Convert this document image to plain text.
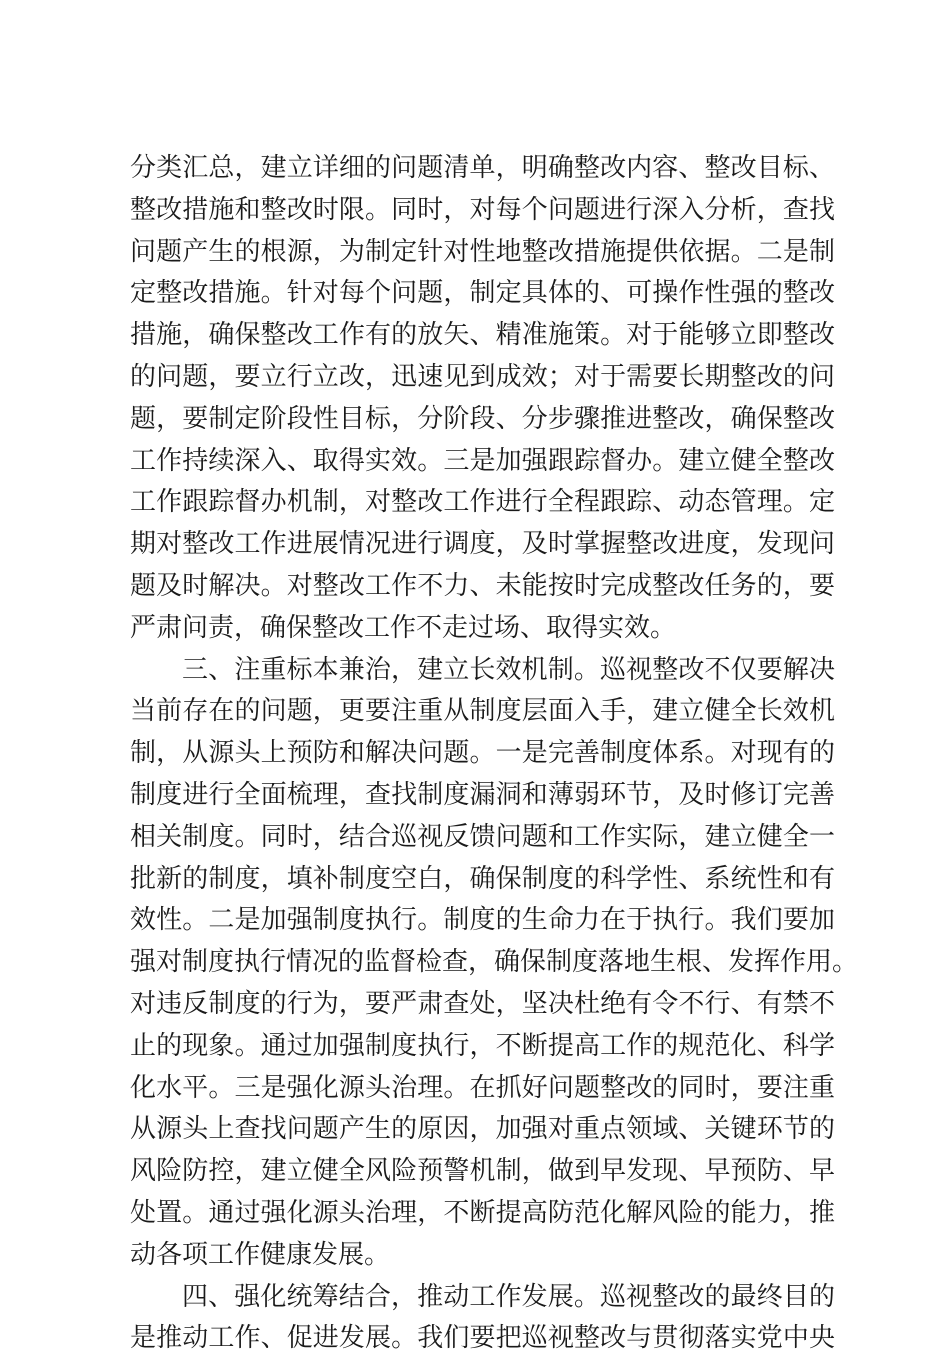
分类汇总，建立详细的问题清单，明确整改内容、整改目标、
整改措施和整改时限。同时，对每个问题进行深入分析，查找
问题产生的根源，为制定针对性地整改措施提供依据。二是制
定整改措施。针对每个问题，制定具体的、可操作性强的整改
措施，确保整改工作有的放矢、精准施策。对于能够立即整改
的问题，要立行立改，迅速见到成效；对于需要长期整改的问
题，要制定阶段性目标，分阶段、分步骤推进整改，确保整改
工作持续深入、取得实效。三是加强跟踪督办。建立健全整改
工作跟踪督办机制，对整改工作进行全程跟踪、动态管理。定
期对整改工作进展情况进行调度，及时掌握整改进度，发现问
题及时解决。对整改工作不力、未能按时完成整改任务的，要
严肃问责，确保整改工作不走过场、取得实效。
三、注重标本兼治，建立长效机制。巡视整改不仅要解决
当前存在的问题，更要注重从制度层面入手，建立健全长效机
制，从源头上预防和解决问题。一是完善制度体系。对现有的
制度进行全面梳理，查找制度漏洞和薄弱环节，及时修订完善
相关制度。同时，结合巡视反馈问题和工作实际，建立健全一
批新的制度，填补制度空白，确保制度的科学性、系统性和有
效性。二是加强制度执行。制度的生命力在于执行。我们要加
强对制度执行情况的监督检查，确保制度落地生根、发挥作用。
对违反制度的行为，要严肃查处，坚决杜绝有令不行、有禁不
止的现象。通过加强制度执行，不断提高工作的规范化、科学
化水平。三是强化源头治理。在抓好问题整改的同时，要注重
从源头上查找问题产生的原因，加强对重点领域、关键环节的
风险防控，建立健全风险预警机制，做到早发现、早预防、早
处置。通过强化源头治理，不断提高防范化解风险的能力，推
动各项工作健康发展。
四、强化统筹结合，推动工作发展。巡视整改的最终目的
是推动工作、促进发展。我们要把巡视整改与贯彻落实党中央
